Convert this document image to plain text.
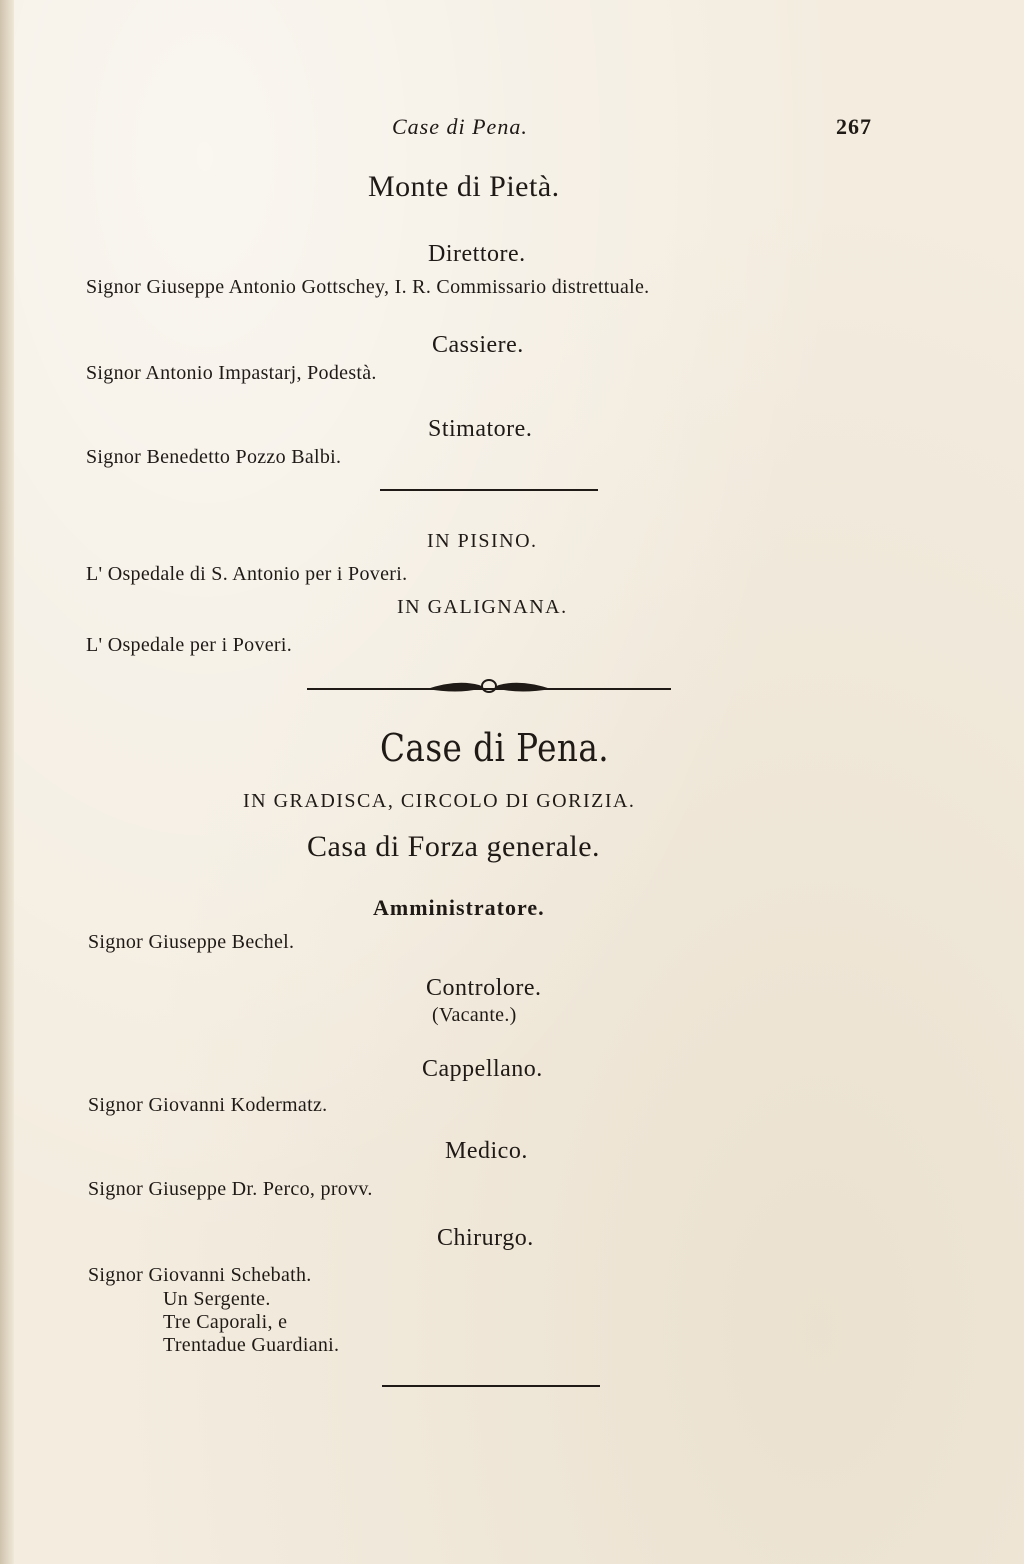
Case di Pena.	267
Monte di Pietà.
Direttore.
Signor Giuseppe Antonio Gottschey, I. R. Commissario distrettuale.
Cassiere.
Signor Antonio Impastarj, Podestà.
Stimatore.
Signor Benedetto Pozzo Balbi.
IN PISINO.
L' Ospedale di S. Antonio per i Poveri.
IN GALIGNANA.
L' Ospedale per i Poveri.
Case di Pena.
IN GRADISCA, CIRCOLO DI GORIZIA.
Casa di Forza generale.
Amministratore.
Signor Giuseppe Bechel.
Controlore.
(Vacante.)
Cappellano.
Signor Giovanni Kodermatz.
Medico.
Signor Giuseppe Dr. Perco, provv.
Chirurgo.
Signor Giovanni Schebath.
Un Sergente.
Tre Caporali, e
Trentadue Guardiani.
